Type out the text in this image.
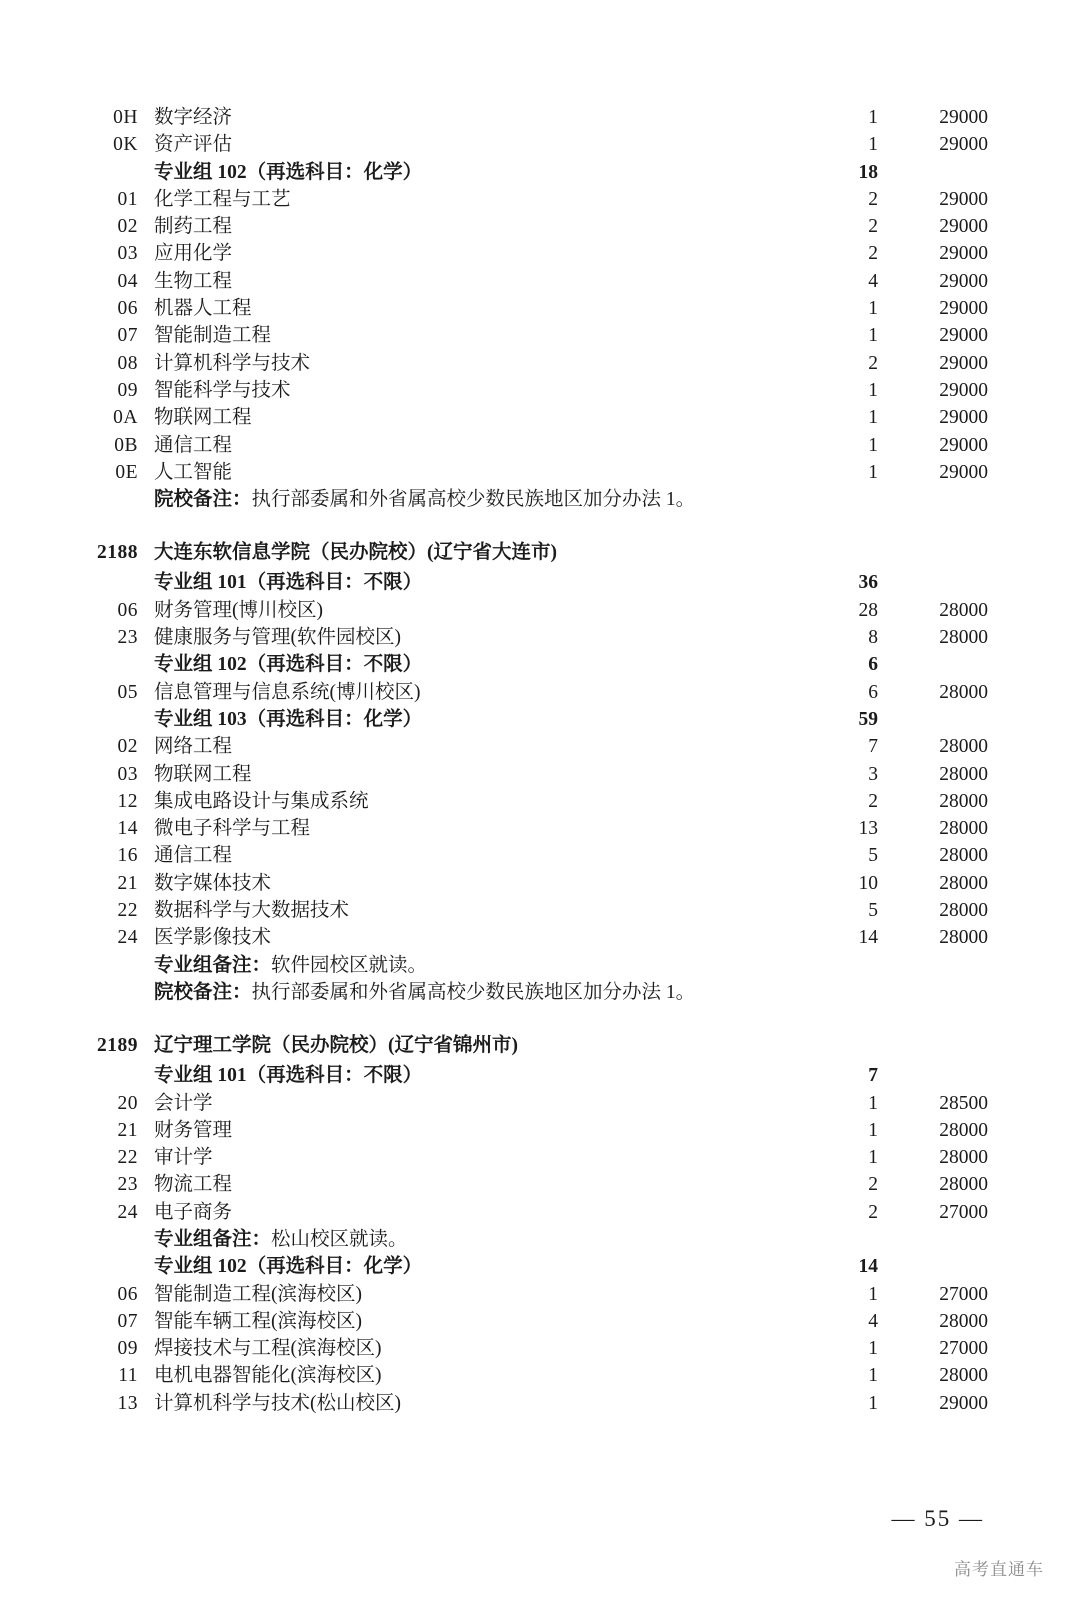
0H 数字经济	1	29000
0K 资产评估	1	29000
专业组 102（再选科目：化学）	18
01 化学工程与工艺	2	29000
02 制药工程	2	29000
03 应用化学	2	29000
04 生物工程	4	29000
06 机器人工程	1	29000
07 智能制造工程	1	29000
08 计算机科学与技术	2	29000
09 智能科学与技术	1	29000
0A 物联网工程	1	29000
0B 通信工程	1	29000
0E 人工智能	1	29000
院校备注：执行部委属和外省属高校少数民族地区加分办法 1。
2188 大连东软信息学院（民办院校）(辽宁省大连市)
专业组 101（再选科目：不限）	36
06 财务管理(博川校区)	28	28000
23 健康服务与管理(软件园校区)	8	28000
专业组 102（再选科目：不限）	6
05 信息管理与信息系统(博川校区)	6	28000
专业组 103（再选科目：化学）	59
02 网络工程	7	28000
03 物联网工程	3	28000
12 集成电路设计与集成系统	2	28000
14 微电子科学与工程	13	28000
16 通信工程	5	28000
21 数字媒体技术	10	28000
22 数据科学与大数据技术	5	28000
24 医学影像技术	14	28000
专业组备注：软件园校区就读。
院校备注：执行部委属和外省属高校少数民族地区加分办法 1。
2189 辽宁理工学院（民办院校）(辽宁省锦州市)
专业组 101（再选科目：不限）	7
20 会计学	1	28500
21 财务管理	1	28000
22 审计学	1	28000
23 物流工程	2	28000
24 电子商务	2	27000
专业组备注：松山校区就读。
专业组 102（再选科目：化学）	14
06 智能制造工程(滨海校区)	1	27000
07 智能车辆工程(滨海校区)	4	28000
09 焊接技术与工程(滨海校区)	1	27000
11 电机电器智能化(滨海校区)	1	28000
13 计算机科学与技术(松山校区)	1	29000
— 55 —
高考直通车
